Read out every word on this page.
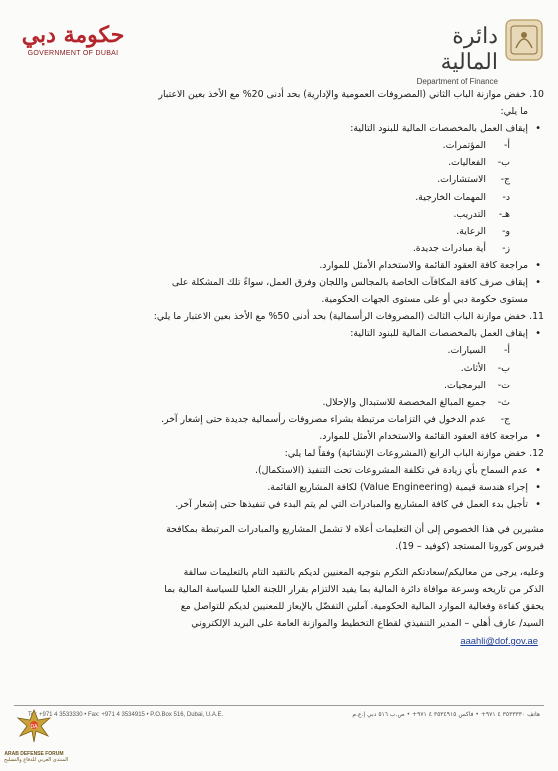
حكومة دبي
GOVERNMENT OF DUBAI
دائرة المالية
Department of Finance
10. خفض موازنة الباب الثاني (المصروفات العمومية والإدارية) بحد أدنى 20% مع الأخذ بعين الاعتبار
ما يلي:
• إيقاف العمل بالمخصصات المالية للبنود التالية:
أ-
المؤتمرات.
ب-
الفعاليات.
ج-
الاستشارات.
د-
المهمات الخارجية.
هـ-
التدريب.
و-
الرعاية.
ز-
أية مبادرات جديدة.
• مراجعة كافة العقود القائمة والاستخدام الأمثل للموارد.
• إيقاف صرف كافة المكافآت الخاصة بالمجالس واللجان وفرق العمل، سواءً تلك المشكلة على
مستوى حكومة دبي أو على مستوى الجهات الحكومية.
11. خفض موازنة الباب الثالث (المصروفات الرأسمالية) بحد أدنى 50% مع الأخذ بعين الاعتبار ما يلي:
• إيقاف العمل بالمخصصات المالية للبنود التالية:
أ-
السيارات.
ب-
الأثاث.
ت-
البرمجيات.
ث-
جميع المبالغ المخصصة للاستبدال والإحلال.
ج-
عدم الدخول في التزامات مرتبطة بشراء مصروفات رأسمالية جديدة حتى إشعار آخر.
• مراجعة كافة العقود القائمة والاستخدام الأمثل للموارد.
12. خفض موازنة الباب الرابع (المشروعات الإنشائية) وفقاً لما يلي:
• عدم السماح بأي زيادة في تكلفة المشروعات تحت التنفيذ (الاستكمال).
• إجراء هندسة قيمية (Value Engineering) لكافة المشاريع القائمة.
• تأجيل بدء العمل في كافة المشاريع والمبادرات التي لم يتم البدء في تنفيذها حتى إشعار آخر.
مشيرين في هذا الخصوص إلى أن التعليمات أعلاه لا تشمل المشاريع والمبادرات المرتبطة بمكافحة
فيروس كورونا المستجد (كوفيد – 19).
وعليه، يرجى من معاليكم/سعادتكم التكرم بتوجيه المعنيين لديكم بالتقيد التام بالتعليمات سالفة
الذكر من تاريخه وسرعة موافاة دائرة المالية بما يفيد الالتزام بقرار اللجنة العليا للسياسة المالية بما
يحقق كفاءة وفعالية الموارد المالية الحكومية. آملين التفضّل بالإيعاز للمعنيين لديكم للتواصل مع
السيد/ عارف أهلي – المدير التنفيذي لقطاع التخطيط والموازنة العامة على البريد الإلكتروني
aaahli@dof.gov.ae
Tel: +971 4 3533330 • Fax: +971 4 3534915 • P.O.Box 516, Dubai, U.A.E.	هاتف ٣٥٣٣٣٣٠ ٤ ٩٧١+ • فاكس ٣٥٣٤٩١٥ ٤ ٩٧١+ • ص.ب ٥١٦ دبي إ.ع.م
DA
ARAB DEFENSE FORUM
المنتدى العربي للدفاع والتسليح
